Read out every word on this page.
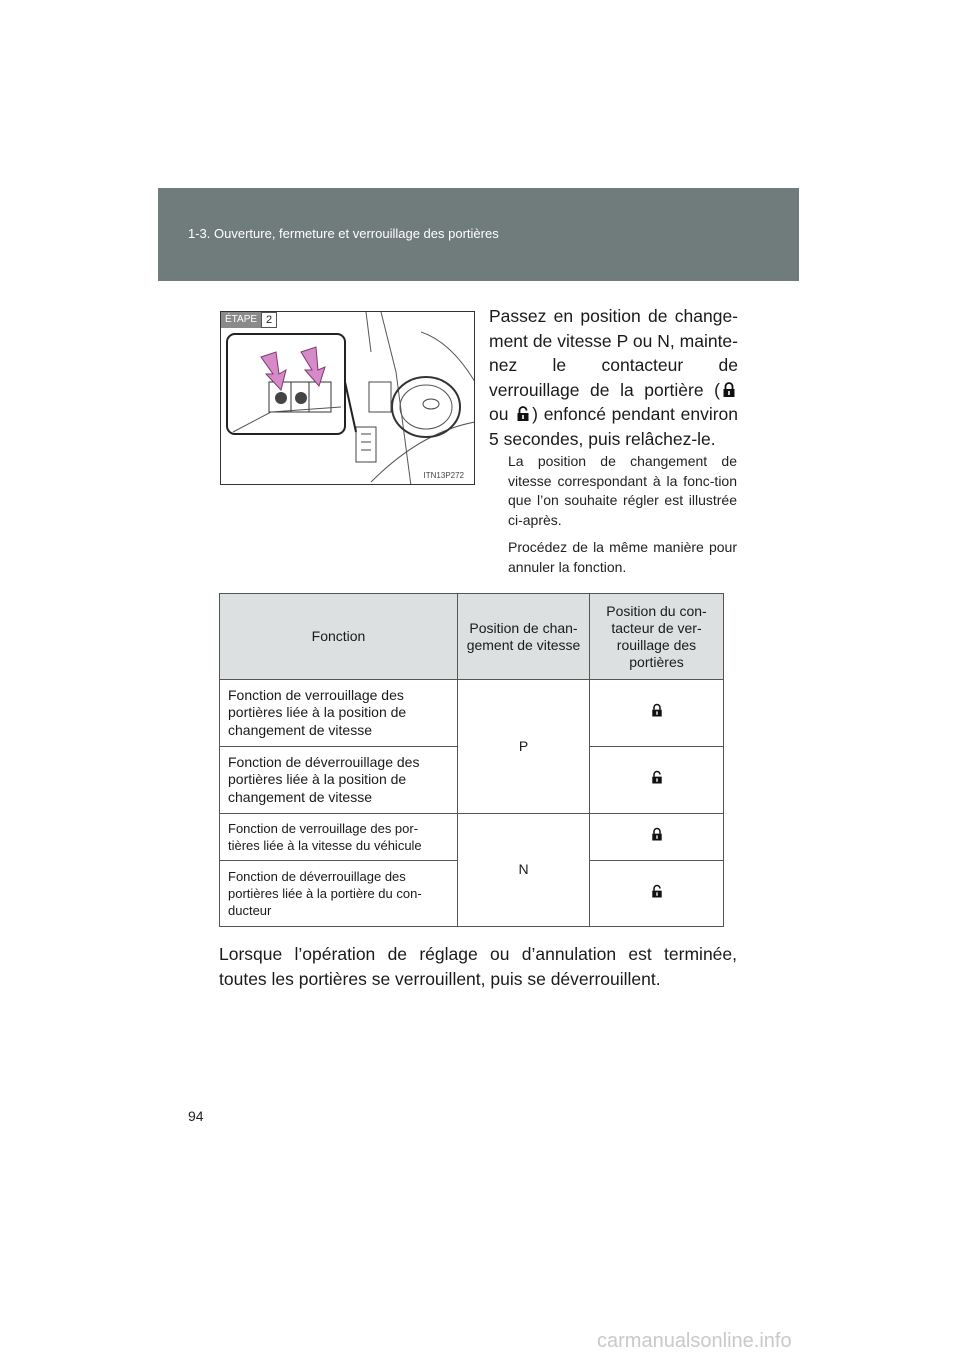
1-3. Ouverture, fermeture et verrouillage des portières
ÉTAPE 2
ITN13P272
Passez en position de change-ment de vitesse P ou N, mainte-nez le contacteur de verrouillage de la portière ( ou ) enfoncé pendant environ 5 secondes, puis relâchez-le.
La position de changement de vitesse correspondant à la fonc-tion que l’on souhaite régler est illustrée ci-après.
Procédez de la même manière pour annuler la fonction.
Fonction	Position de chan-gement de vitesse	Position du con-tacteur de ver-rouillage des portières
Fonction de verrouillage des portières liée à la position de changement de vitesse	P	
Fonction de déverrouillage des portières liée à la position de changement de vitesse	
Fonction de verrouillage des por-tières liée à la vitesse du véhicule	N	
Fonction de déverrouillage des portières liée à la portière du con-ducteur	
Lorsque l’opération de réglage ou d’annulation est terminée, toutes les portières se verrouillent, puis se déverrouillent.
94
carmanualsonline.info
